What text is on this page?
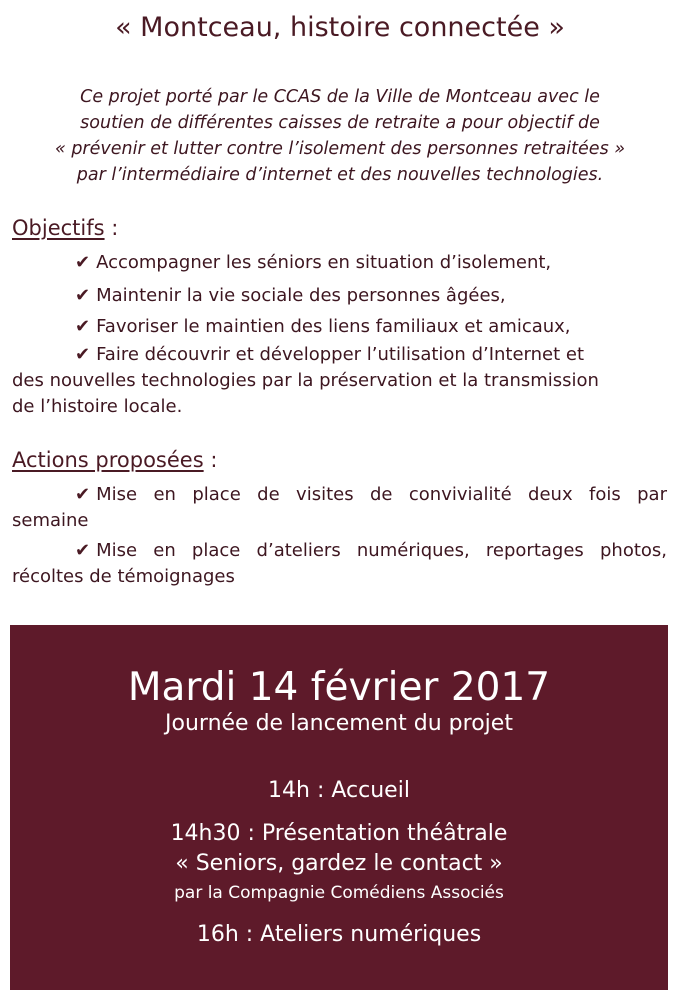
« Montceau, histoire connectée »
Ce projet porté par le CCAS de la Ville de Montceau avec le
soutien de différentes caisses de retraite a pour objectif de
« prévenir et lutter contre l’isolement des personnes retraitées »
par l’intermédiaire d’internet et des nouvelles technologies.
Objectifs :
✔ Accompagner les séniors en situation d’isolement,
✔ Maintenir la vie sociale des personnes âgées,
✔ Favoriser le maintien des liens familiaux et amicaux,
✔ Faire découvrir et développer l’utilisation d’Internet et
des nouvelles technologies par la préservation et la transmission
de l’histoire locale.
Actions proposées :
✔ Mise en place de visites de convivialité deux fois par
semaine
✔ Mise en place d’ateliers numériques, reportages photos,
récoltes de témoignages
Mardi 14 février 2017
Journée de lancement du projet
14h : Accueil
14h30 : Présentation théâtrale
« Seniors, gardez le contact »
par la Compagnie Comédiens Associés
16h : Ateliers numériques
